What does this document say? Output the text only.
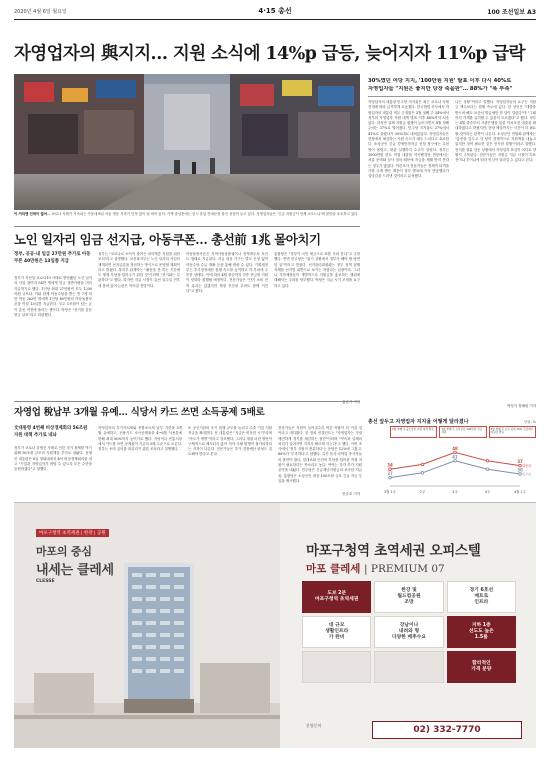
2020년 4월 6일 월요일	4·15 총선	100 조선일보 A3
자영업자의 與지지… 지원 소식에 14%p 급등, 늦어지자 11%p 급락
이 거리엔 인적이 끊어— 코로나 사태가 지속되는 가운데 6일 서울 명동 거리가 인적 없이 텅 비어 있다. 가게 출입문에는 임시 휴업 안내문을 붙인 상점이 늘고 있다. 자영업자들은 '긴급 지원금이 언제 나오느냐'며 불안을 호소하고 있다.
30%였던 여당 지지, '100만원 지원' 발표 이후 다시 40%로
자영업자들 "지원은 좋지만 당장 죽을판"… 88%가 "폭 부족"
자영업자의 대통령·민주당 지지율은 최근 코로나 사태 전개에 따라 급격하게 요동쳤다. 한국갤럽 조사에서 자영업자의 대통령 직무 긍정률은 3월 첫째 주 34%에서 정부의 자영업자 지원 대책 발표 이후 48%까지 치솟았다. 하지만 실제 지원금 집행이 늦어지면서 4월 첫째 주에는 37%로 떨어졌다. 민주당 지지율도 27%에서 41%로 올랐다가 30%대로 내려앉았다. 자영업자들은 현장에서 체감하는 지원 속도가 매우 느리다고 호소한다. 소상공인 긴급 경영안정자금 신청 창구에는 수천 명이 몰렸고, 대출 실행까지 수주가 걸렸다. 정부는 1000만원 한도 직접 대출을 약속했지만 현장에서는 서류 준비와 심사 절차 때문에 자금을 제때 받지 못하는 경우가 많았다. 여론조사 전문가들은 경제적 타격을 가장 크게 받은 계층이 정부 발표에 즉각 반응했다가 실망감을 드러낸 것이라고 분석했다.
나는 상황"이라고 말했다. 자영업자들의 요구는 지원금 액수보다는 집행 속도에 있다. 한 상인은 "대출을 받으려 해도 보증서 발급에만 한 달이 걸린다"며 "그때까지 가게를 유지할 수 있을지 모르겠다"고 했다. 정부는 4월 중순부터 시중은행을 통한 이차보전 대출을 확대하겠다고 밝혔지만, 현장 체감까지는 시간이 더 필요할 것이라는 관측이 나온다. 소상공인 연합회 관계자는 "총선을 앞두고 각 당이 경쟁적으로 지원책을 내놓고 있지만 정작 필요한 것은 신속한 집행"이라고 말했다. 선거를 열흘 앞둔 상황에서 자영업자 표심이 어디로 향할지 주목된다. 전문가들은 지원금 지급 시점이 투표 전이냐 후이냐에 따라 민심이 달라질 수 있다고 본다.
노인 일자리 임금 선지급, 아동쿠폰… 총선前 1兆 몰아치기
정부, 공공·내 일급 27만원 추가로 아동쿠폰 40만원은 13일쯤 지급
정부가 지난달 코로나19 사태로 중단됐던 노인 일자리 사업 참여자 54만 명에게 임금 절반가량을 미리 지급하기로 했다. 1인당 최대 27만원씩 모두 1200억원 규모다. 이와 함께 아동수당을 받는 만 7세 미만 아동 263만 명에게 1인당 40만원의 아동돌봄쿠폰을 이달 13일쯤 지급한다. 모두 1조원이 넘는 돈이 총선 직전에 풀리는 셈이다. 야당은 "선거를 앞둔 현금 살포"라고 비판했다.
정부는 "코로나로 소득이 줄어든 취약계층 지원을 위한 조치"라고 설명했다. 보건복지부는 노인 일자리 사업이 재개되면 선지급분을 정산하는 방식으로 운영할 계획이라고 밝혔다. 복지부 관계자는 "활동을 못 하는 기간에도 생계 부담을 덜어주기 위한 것"이라며 "선거와는 무관하다"고 했다. 하지만 지급 시점이 총선 일주일 전후에 몰려 있어 논란은 이어질 전망이다.
아동돌봄쿠폰은 지역사랑상품권이나 전자바우처 포인트 형태로 지급된다. 지급 대상 가구는 별도 신청 없이 아동수당 수급 계좌 등을 통해 받을 수 있다. 기획재정부는 추가경정예산 집행 속도를 높이라고 각 부처에 주문한 상태다. 이에 따라 4월 중순까지 각종 현금성 지원이 잇따라 집행될 예정이다. 전문가들은 "단기 소비 진작 효과는 있겠지만 재정 건전성 우려도 함께 커진다"고 했다.
통합당은 "정부가 국민 세금으로 표를 사려 한다"고 주장했다. 반면 민주당은 "위기 상황에서 정부가 해야 할 당연한 일"이라고 맞섰다. 선거관리위원회는 정부 정책 집행 자체를 선거법 위반으로 보기는 어렵다는 입장이다. 그러나 지자체장들이 개별적으로 지원금을 홍보하는 행위에 대해서는 주의를 당부했다. 야당은 지급 시기 조정을 요구하고 있다.
홍준기 기자
박상기 장혜원 기자
자영업 稅납부 3개월 유예… 식당서 카드 쓰면 소득공제 5배로
文대통령 4번째 비상경제회의 56조원 지원 대책 추가로 내놔
정부가 코로나 감염증 사태로 인한 경기 침체를 막기 위해 56조원 규모의 지원책을 추가로 내놨다. 문재인 대통령은 6일 청와대에서 4차 비상경제회의를 열고 "기업과 자영업자가 버틸 수 있도록 모든 수단을 동원하겠다"고 말했다.
자영업자의 부가가치세와 종합소득세 납부 기한을 3개월 유예하고, 신용카드 소득공제율을 4~6월 사용분에 한해 최대 80%까지 높이기로 했다. 식당이나 전통시장에서 카드를 쓰면 공제율이 기존의 5배 수준으로 오른다. 정부는 소비 심리를 되살리기 위한 조치라고 설명했다.
또 공공기관의 조기 집행 규모를 늘리고 수출 기업 지원 자금을 확대한다. 문 대통령은 "지금은 비상한 시기"라며 "속도가 생명"이라고 강조했다. 그러나 재원 마련 방안이 구체적으로 제시되지 않아 적자 국채 발행이 불가피하다는 지적이 나온다. 전문가들은 추가 경정예산 편성도 검토해야 한다고 본다.
전문가들은 지원이 늦어질수록 여론 이탈이 더 커질 것이라고 내다봤다. 한 정치 컨설턴트는 "자영업자는 가장 예민하게 경기를 체감하는 집단"이라며 "약속과 실제의 괴리가 길어지면 지지가 빠르게 식는다"고 했다. 이번 조사에서 '정부 지원이 충분하다'는 응답은 12%에 그쳤고, 88%가 '부족하다'고 답했다. 특히 음식·숙박업 종사자들의 불만이 컸다. 임대료와 인건비 부담을 덜어줄 직접 지원이 필요하다는 목소리도 높다. 여야는 각각 추가 지원 공약을 내놨다. 민주당은 긴급재난지원금의 조속한 지급을, 통합당은 소상공인 대상 100조원 규모 긴급 자금 투입을 제시했다.
안준호 기자
총선 앞두고 자영업자 지지율 어떻게 달라졌나	단위: %
3월 첫째 주 중소상인 지원 대책 발표	3월 셋째 주 소상공인 100만원 긴급 지원
4월 첫째 주 소득 하위 70% 긴급재난지원금 발표
3월 1주	2주	3주	4주	4월 1주
34
48
37
대통령
27
41
30
민주당
마포구청역 초역세권 | 한강 | 공원
마포의 중심
내세는 클레세
CLESSE
마포구청역 초역세권 오피스텔
마포 클레세 | PREMIUM 07
도보 2분
마포구청역 초역세권
한강 및
월드컵공원
조망
경기 6호선
메트로
인프라
대 규모
생활인프라
가 완비
강남이나
내려와 형
다양한 배후수요
지하 1층
선도도 높은
1.5룸
합리적인
가격 분양
분양문의	02) 332-7770
